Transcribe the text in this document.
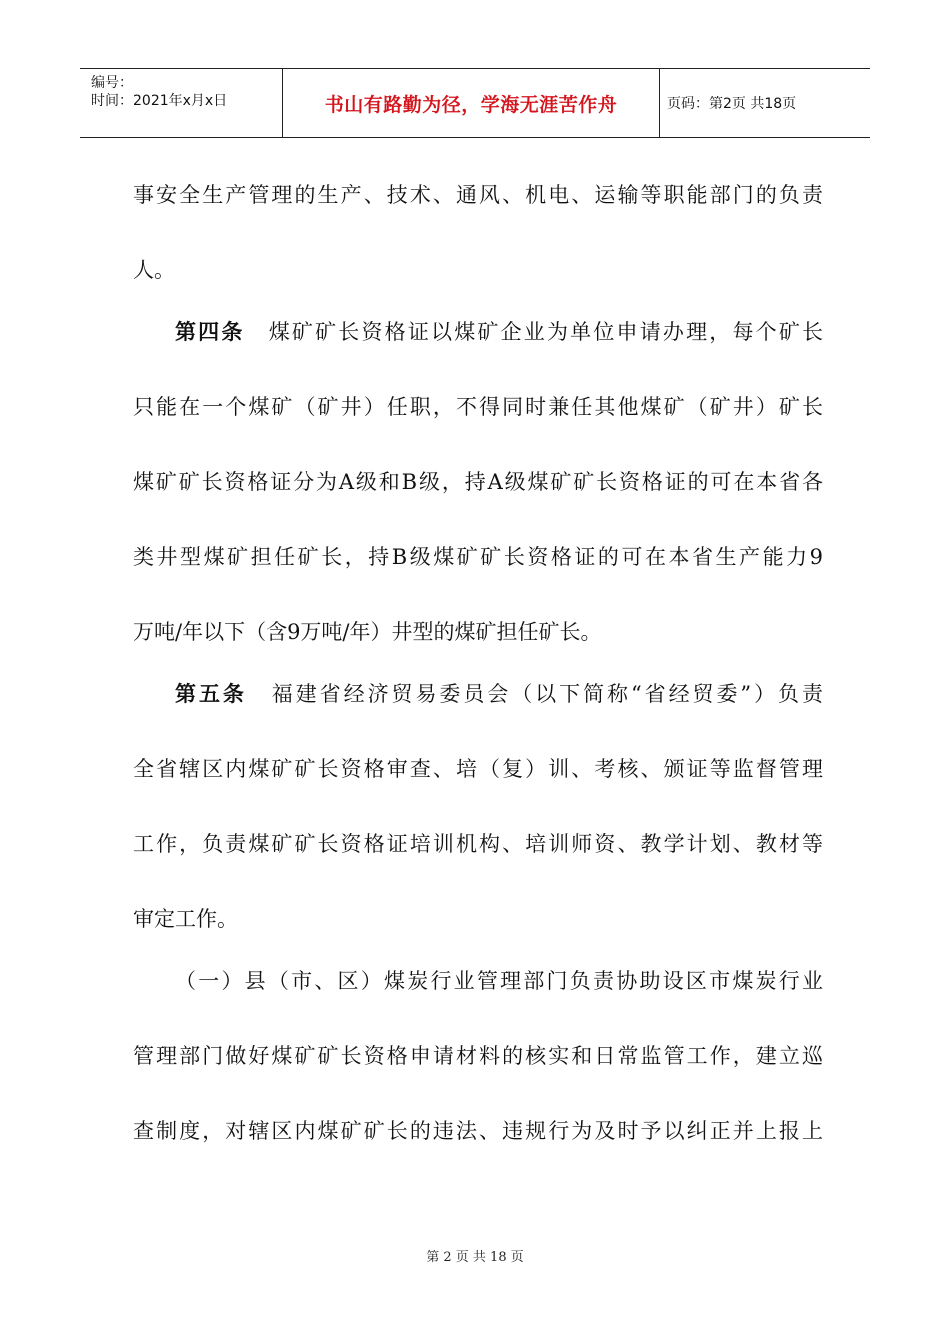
编号：
时间：2021年x月x日	书山有路勤为径，学海无涯苦作舟	页码：第2页 共18页
事安全生产管理的生产、技术、通风、机电、运输等职能部门的负责
人。
第四条 煤矿矿长资格证以煤矿企业为单位申请办理，每个矿长
只能在一个煤矿（矿井）任职，不得同时兼任其他煤矿（矿井）矿长
煤矿矿长资格证分为A级和B级，持A级煤矿矿长资格证的可在本省各
类井型煤矿担任矿长，持B级煤矿矿长资格证的可在本省生产能力9
万吨/年以下（含9万吨/年）井型的煤矿担任矿长。
第五条 福建省经济贸易委员会（以下简称“省经贸委”）负责
全省辖区内煤矿矿长资格审查、培（复）训、考核、颁证等监督管理
工作，负责煤矿矿长资格证培训机构、培训师资、教学计划、教材等
审定工作。
（一）县（市、区）煤炭行业管理部门负责协助设区市煤炭行业
管理部门做好煤矿矿长资格申请材料的核实和日常监管工作，建立巡
查制度，对辖区内煤矿矿长的违法、违规行为及时予以纠正并上报上
第 2 页 共 18 页
